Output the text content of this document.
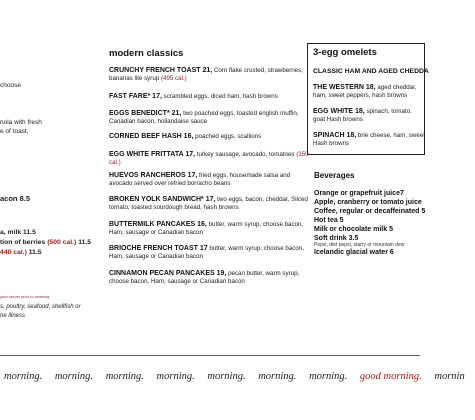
choose
nola with fresh
e of toast,
acon 8.5
a, milk 11.5
tion of berries (500 cal.) 11.5
440 cal.) 11.5
your server prior to ordering
s, poultry, seafood, shellfish or
ne illness
modern classics
CRUNCHY FRENCH TOAST 21, Corn flake crusted, strawberries, bananas lite syrup (495 cal.)
FAST FARE* 17, scrambled eggs, diced ham, hash browns
EGGS BENEDICT* 21, two poached eggs, toasted english muffin, Canadian bacon, hollandaise sauce
CORNED BEEF HASH 16, poached eggs, scallions
EGG WHITE FRITTATA 17, turkey sausage, avocado, tomatoes (350 cal.)
HUEVOS RANCHEROS 17, fried eggs, housemade salsa and avocado served over refried borracho beans
BROKEN YOLK SANDWICH* 17, two eggs, bacon, cheddar, Sliced tomato, toasted sourdough bread, hash browns
BUTTERMILK PANCAKES 16, butter, warm syrup, choose bacon, Ham, sausage or Canadian bacon
BRIOCHE FRENCH TOAST 17 butter, warm syrup, choose bacon, Ham, sausage or Canadian bacon
CINNAMON PECAN PANCAKES 19, pecan butter, warm syrup, choose bacon, Ham, sausage or Canadian bacon
3-egg omelets
CLASSIC HAM AND AGED CHEDDA
THE WESTERN 18, aged cheddar, ham, sweet peppers, hash browns
EGG WHITE 18, spinach, tomato, goat Hash browns
SPINACH 18, brie cheese, ham, sweet Hash browns
Beverages
Orange or grapefruit juice7
Apple, cranberry or tomato juice
Coffee, regular or decaffeinated 5
Hot tea 5
Milk or chocolate milk 5
Soft drink 3.5
Pepsi, diet pepsi, starry or mountain dew
Icelandic glacial water 6
morning. morning. morning. morning. morning. morning. morning. good morning. mornin
